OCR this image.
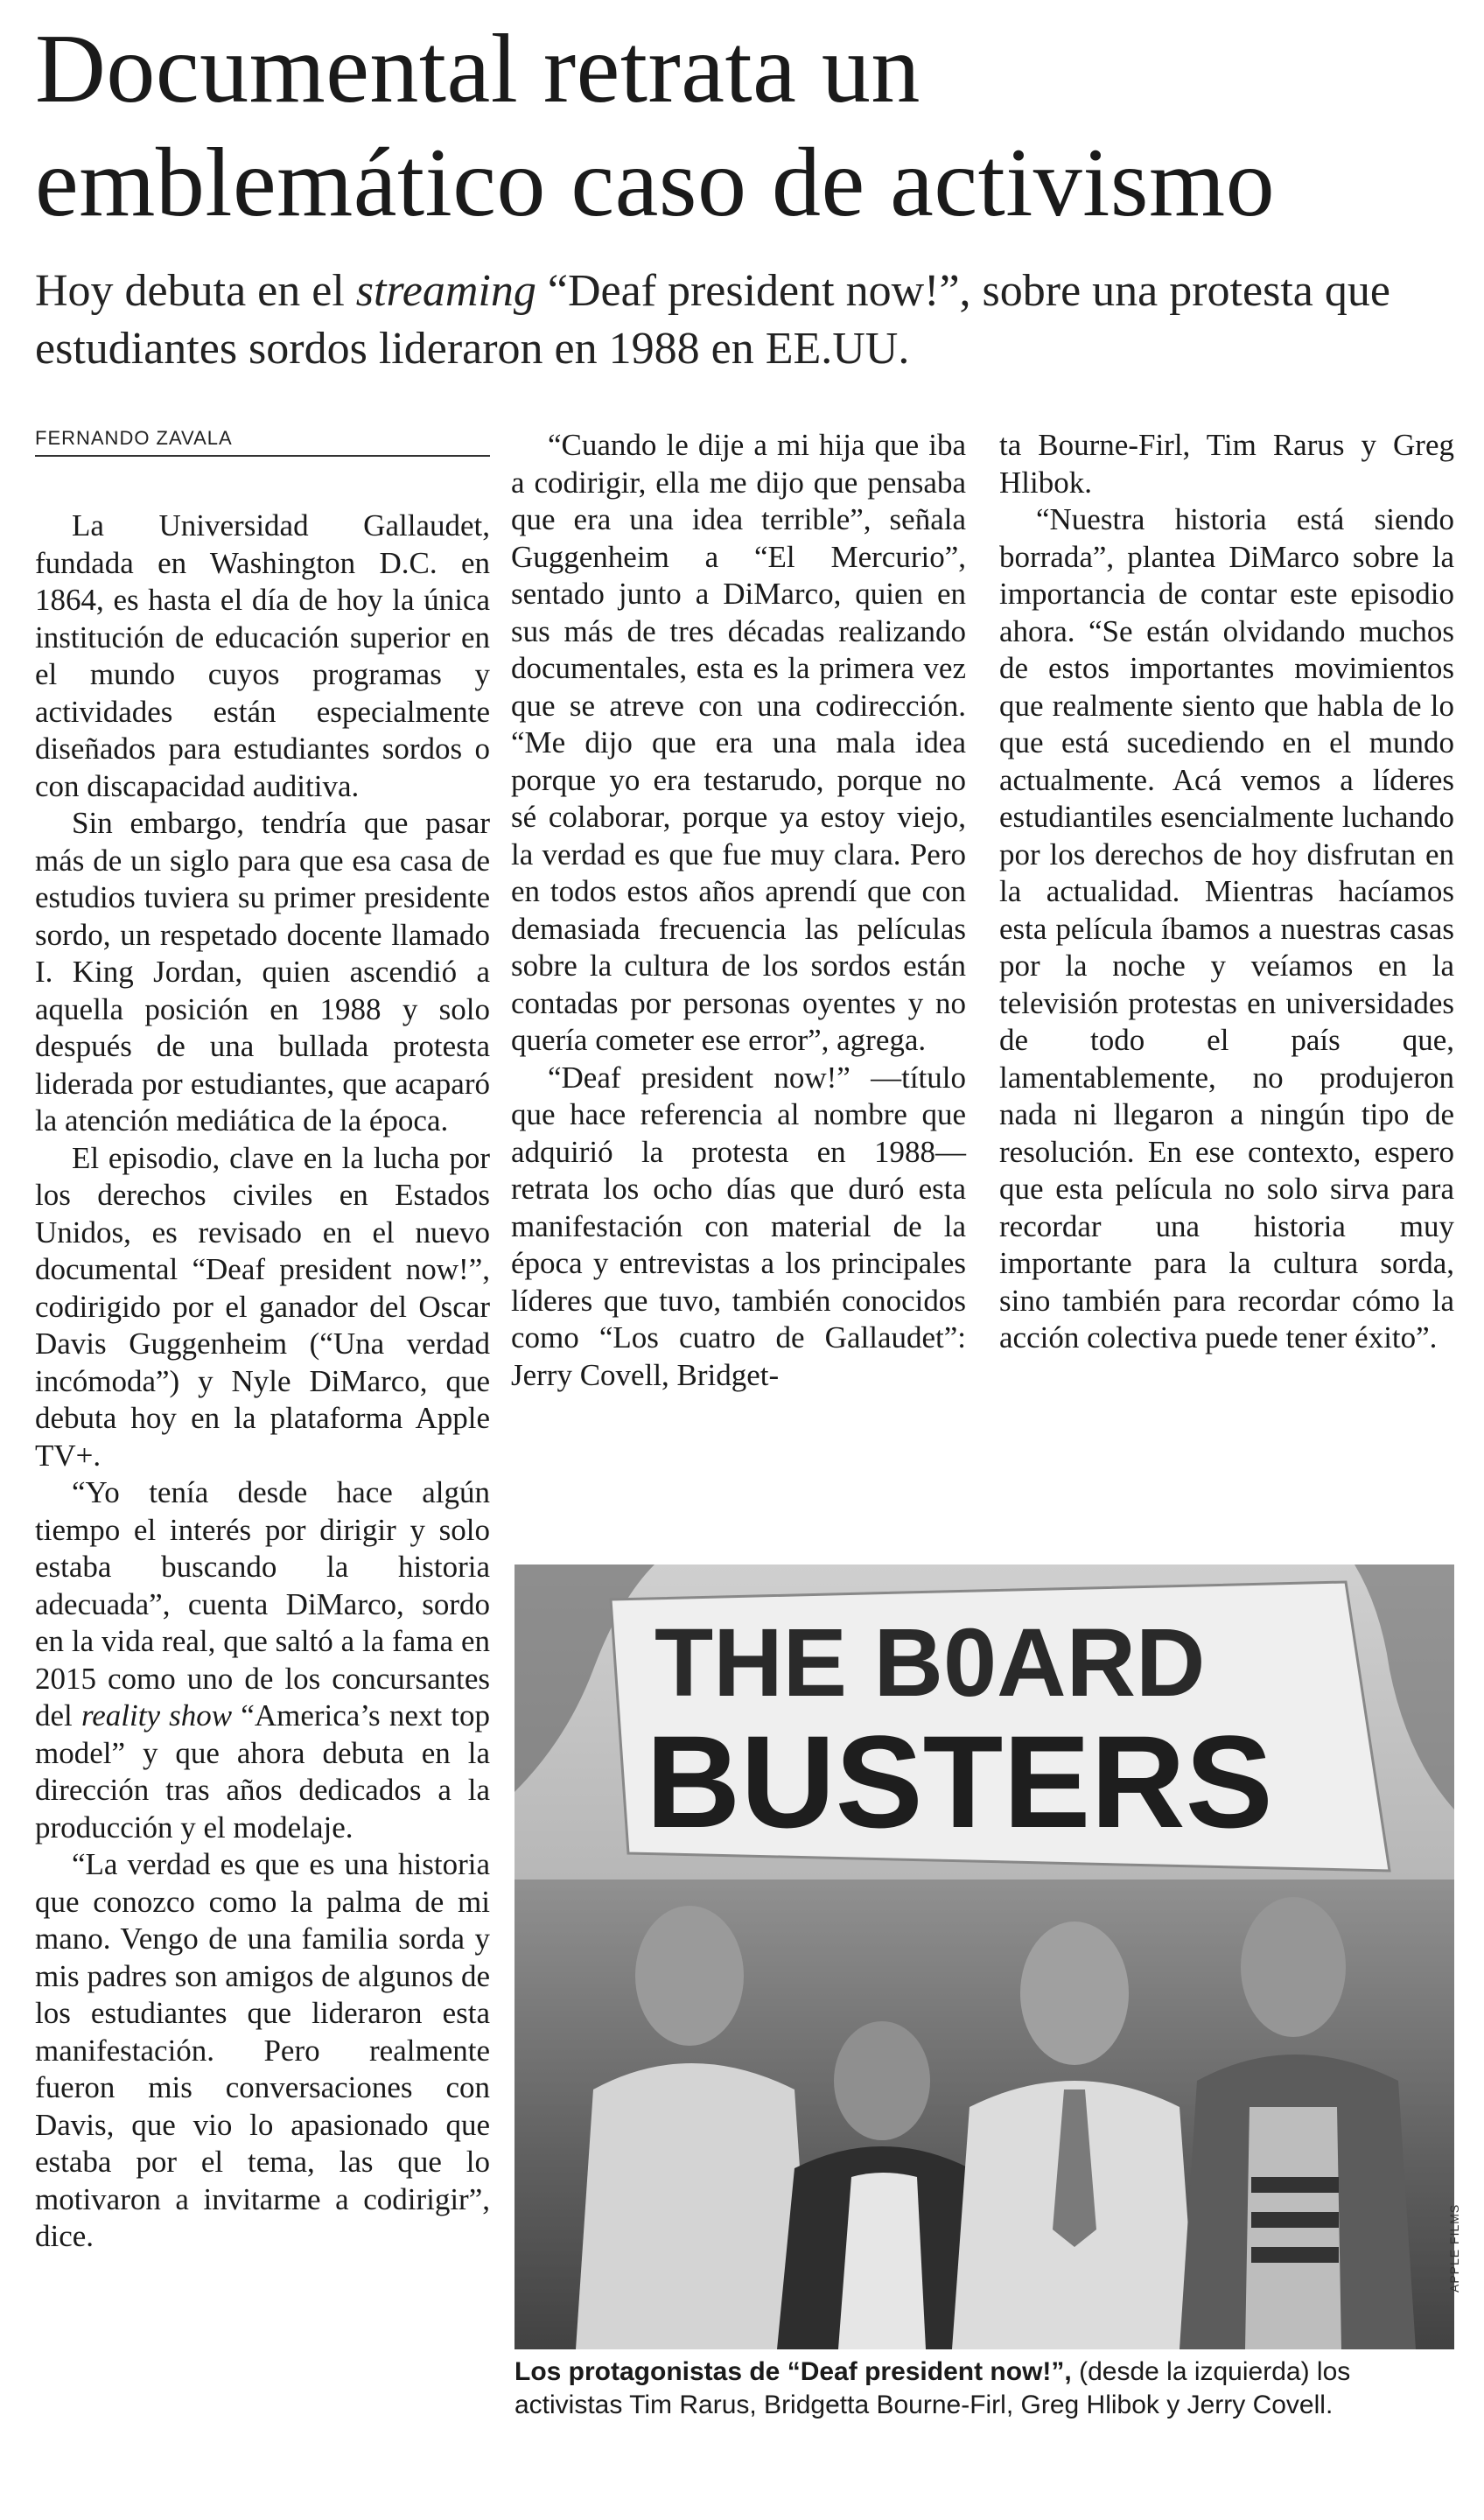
Documental retrata un emblemático caso de activismo

Hoy debuta en el streaming “Deaf president now!”, sobre una protesta que estudiantes sordos lideraron en 1988 en EE.UU.

FERNANDO ZAVALA

La Universidad Gallaudet, fundada en Washington D.C. en 1864, es hasta el día de hoy la única institución de educación superior en el mundo cuyos programas y actividades están especialmente diseñados para estudiantes sordos o con discapacidad auditiva.

Sin embargo, tendría que pasar más de un siglo para que esa casa de estudios tuviera su primer presidente sordo, un respetado docente llamado I. King Jordan, quien ascendió a aquella posición en 1988 y solo después de una bullada protesta liderada por estudiantes, que acaparó la atención mediática de la época.

El episodio, clave en la lucha por los derechos civiles en Estados Unidos, es revisado en el nuevo documental “Deaf president now!”, codirigido por el ganador del Oscar Davis Guggenheim (“Una verdad incómoda”) y Nyle DiMarco, que debuta hoy en la plataforma Apple TV+.

“Yo tenía desde hace algún tiempo el interés por dirigir y solo estaba buscando la historia adecuada”, cuenta DiMarco, sordo en la vida real, que saltó a la fama en 2015 como uno de los concursantes del reality show “America’s next top model” y que ahora debuta en la dirección tras años dedicados a la producción y el modelaje.

“La verdad es que es una historia que conozco como la palma de mi mano. Vengo de una familia sorda y mis padres son amigos de algunos de los estudiantes que lideraron esta manifestación. Pero realmente fueron mis conversaciones con Davis, que vio lo apasionado que estaba por el tema, las que lo motivaron a invitarme a codirigir”, dice.

“Cuando le dije a mi hija que iba a codirigir, ella me dijo que pensaba que era una idea terrible”, señala Guggenheim a “El Mercurio”, sentado junto a DiMarco, quien en sus más de tres décadas realizando documentales, esta es la primera vez que se atreve con una codirección. “Me dijo que era una mala idea porque yo era testarudo, porque no sé colaborar, porque ya estoy viejo, la verdad es que fue muy clara. Pero en todos estos años aprendí que con demasiada frecuencia las películas sobre la cultura de los sordos están contadas por personas oyentes y no quería cometer ese error”, agrega.

“Deaf president now!” —título que hace referencia al nombre que adquirió la protesta en 1988— retrata los ocho días que duró esta manifestación con material de la época y entrevistas a los principales líderes que tuvo, también conocidos como “Los cuatro de Gallaudet”: Jerry Covell, Bridget-

ta Bourne-Firl, Tim Rarus y Greg Hlibok.

“Nuestra historia está siendo borrada”, plantea DiMarco sobre la importancia de contar este episodio ahora. “Se están olvidando muchos de estos importantes movimientos que realmente siento que habla de lo que está sucediendo en el mundo actualmente. Acá vemos a líderes estudiantiles esencialmente luchando por los derechos de hoy disfrutan en la actualidad. Mientras hacíamos esta película íbamos a nuestras casas por la noche y veíamos en la televisión protestas en universidades de todo el país que, lamentablemente, no produjeron nada ni llegaron a ningún tipo de resolución. En ese contexto, espero que esta película no solo sirva para recordar una historia muy importante para la cultura sorda, sino también para recordar cómo la acción colectiva puede tener éxito”.

THE B0ARD
BUSTERS
APPLE FILMS
Los protagonistas de “Deaf president now!”, (desde la izquierda) los activistas Tim Rarus, Bridgetta Bourne-Firl, Greg Hlibok y Jerry Covell.
